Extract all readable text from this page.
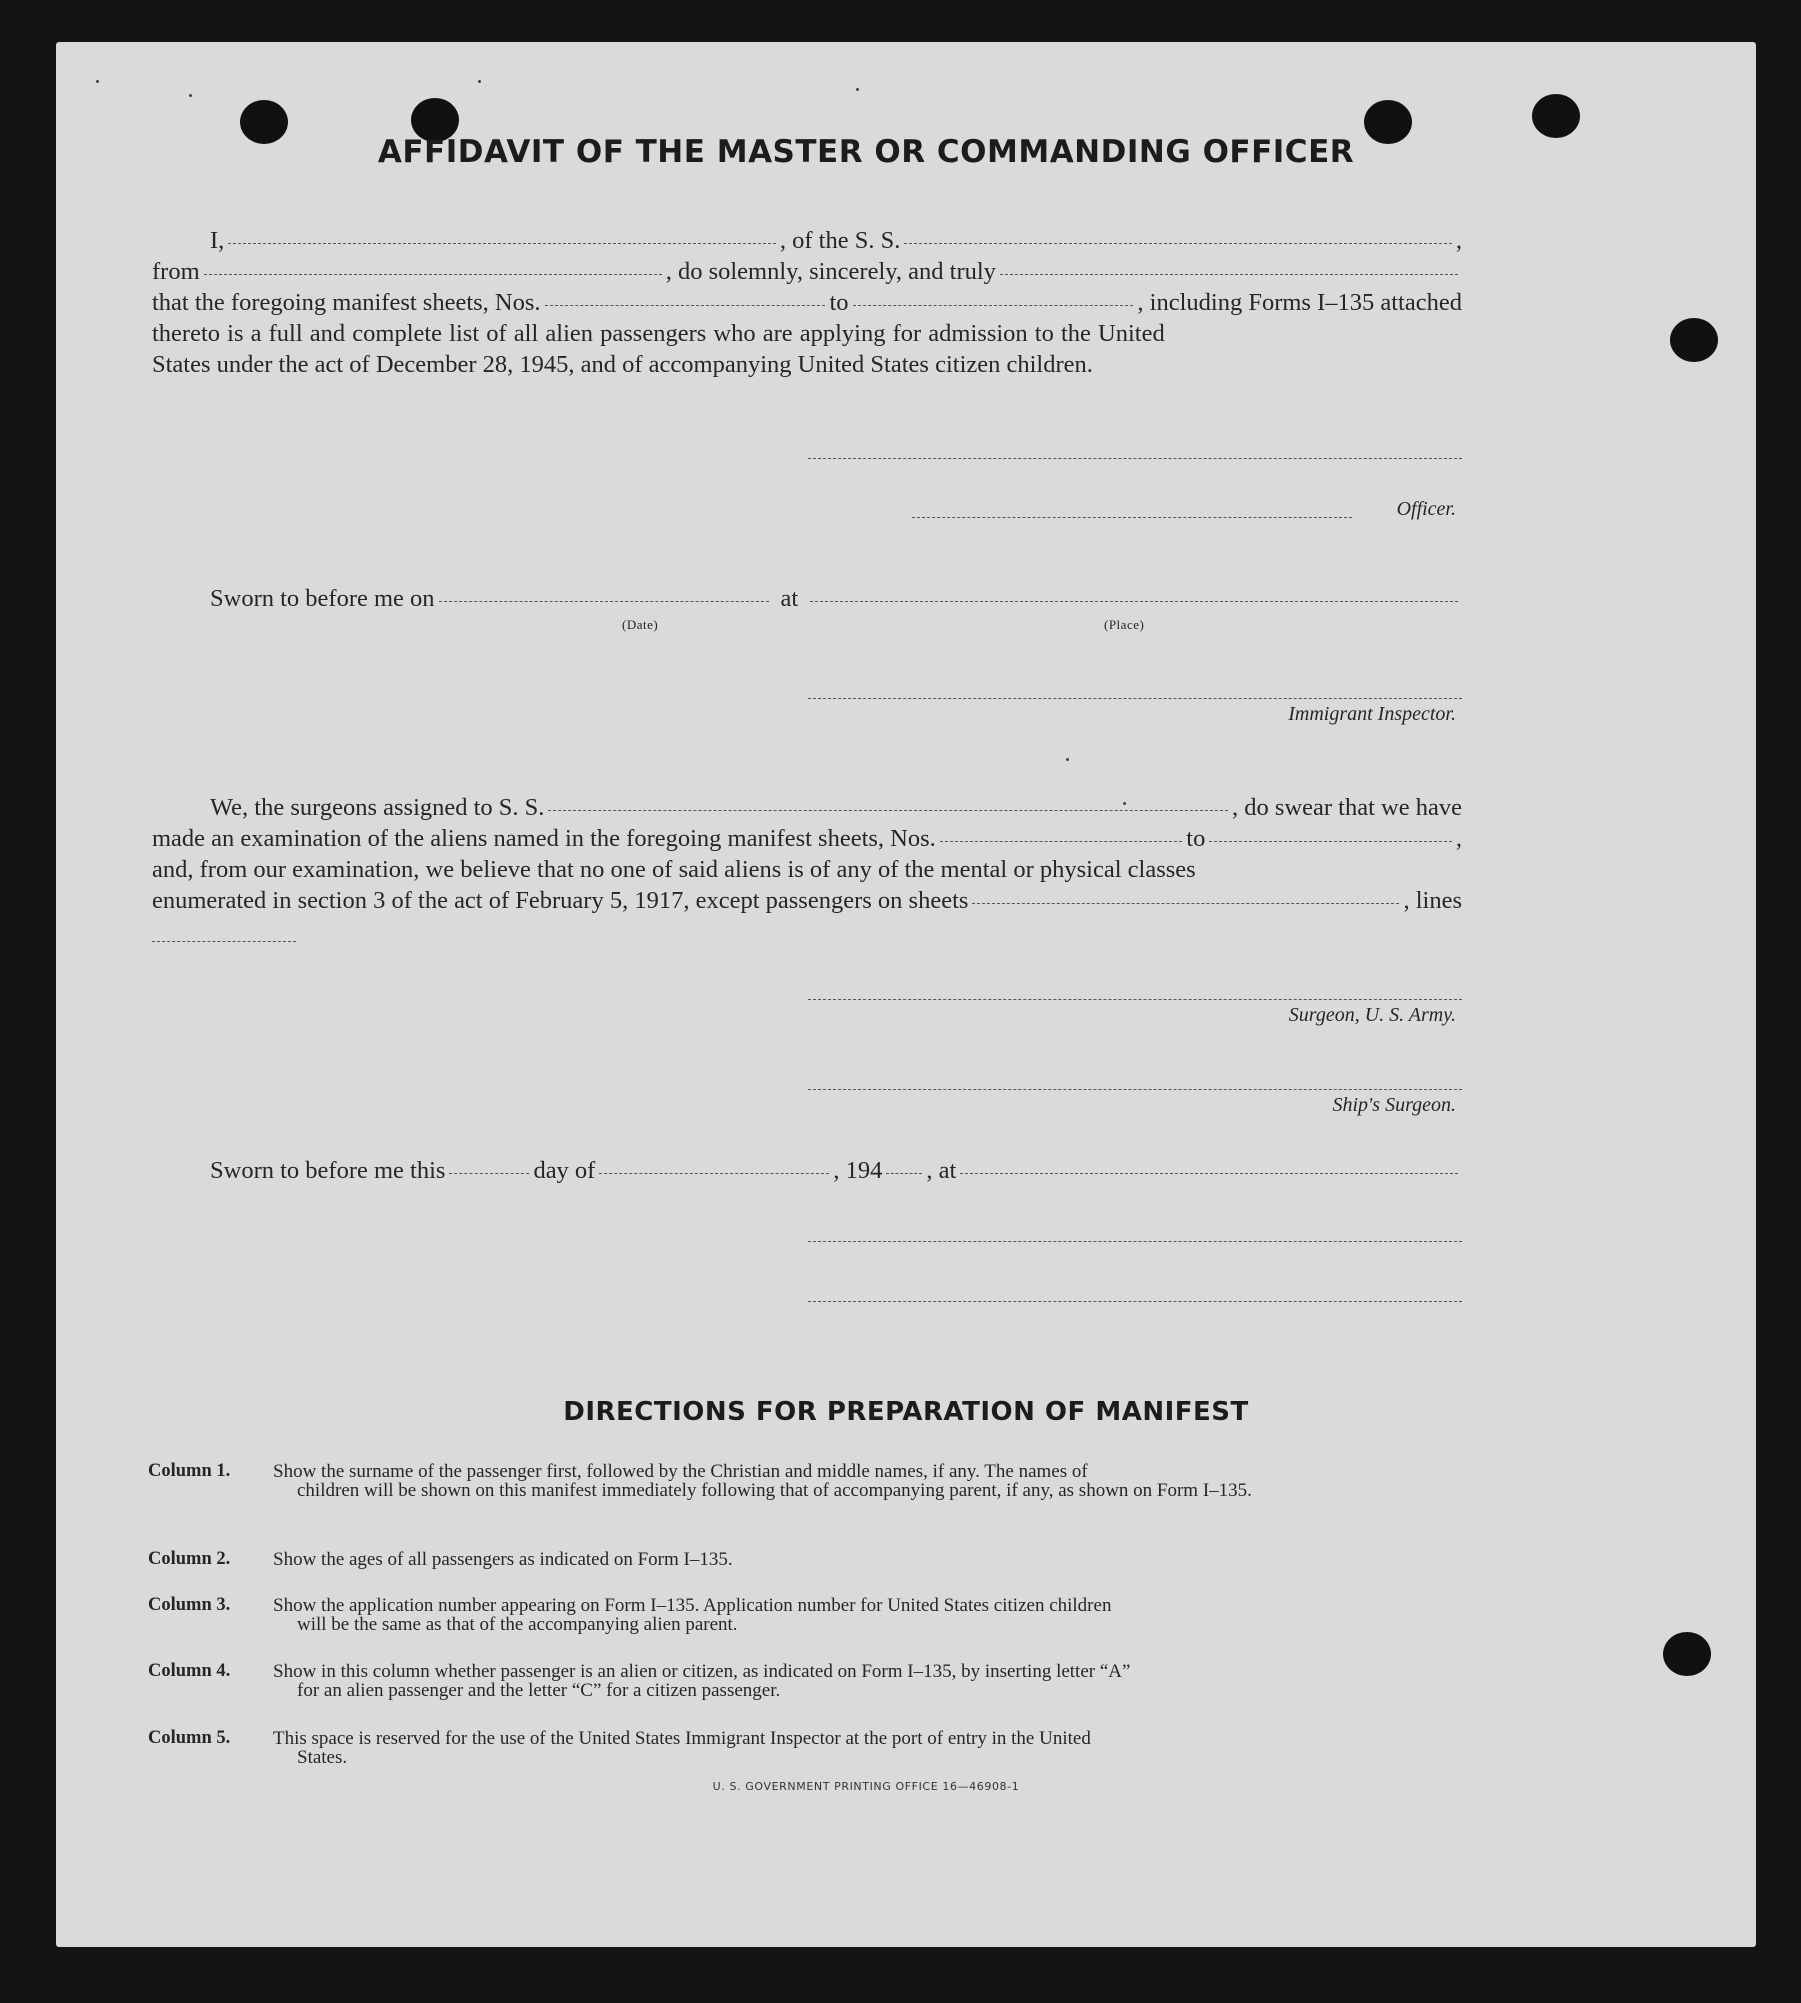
AFFIDAVIT OF THE MASTER OR COMMANDING OFFICER
I,	, of the S. S.	,
from	, do solemnly, sincerely, and truly
that the foregoing manifest sheets, Nos.	to	, including Forms I–135 attached
thereto is a full and complete list of all alien passengers who are applying for admission to the United
States under the act of December 28, 1945, and of accompanying United States citizen children.
Officer.
Sworn to before me on	at
(Date)	(Place)
Immigrant Inspector.
We, the surgeons assigned to S. S.	, do swear that we have
made an examination of the aliens named in the foregoing manifest sheets, Nos.	to	,
and, from our examination, we believe that no one of said aliens is of any of the mental or physical classes
enumerated in section 3 of the act of February 5, 1917, except passengers on sheets	, lines
Surgeon, U. S. Army.
Ship's Surgeon.
Sworn to before me this	day of	, 194 , at
DIRECTIONS FOR PREPARATION OF MANIFEST
Column 1.	Show the surname of the passenger first, followed by the Christian and middle names, if any. The names of
children will be shown on this manifest immediately following that of accompanying parent, if any, as shown on Form I–135.
Column 2.	Show the ages of all passengers as indicated on Form I–135.
Column 3.	Show the application number appearing on Form I–135. Application number for United States citizen children
will be the same as that of the accompanying alien parent.
Column 4.	Show in this column whether passenger is an alien or citizen, as indicated on Form I–135, by inserting letter “A”
for an alien passenger and the letter “C” for a citizen passenger.
Column 5.	This space is reserved for the use of the United States Immigrant Inspector at the port of entry in the United
States.
U. S. GOVERNMENT PRINTING OFFICE 16—46908-1
